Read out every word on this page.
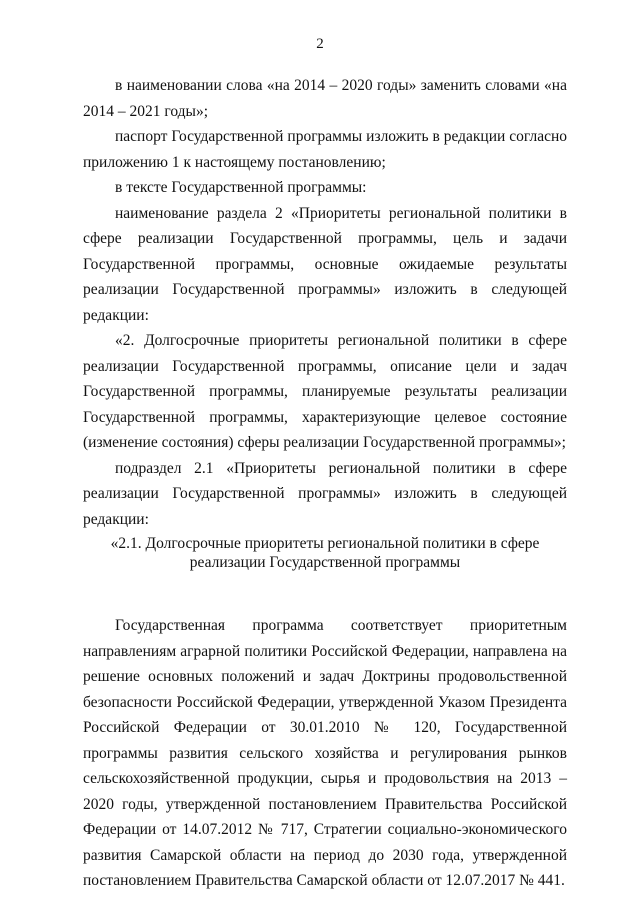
2

в наименовании слова «на 2014 – 2020 годы» заменить словами «на 2014 – 2021 годы»;

паспорт Государственной программы изложить в редакции согласно приложению 1 к настоящему постановлению;

в тексте Государственной программы:

наименование раздела 2 «Приоритеты региональной политики в сфере реализации Государственной программы, цель и задачи Государственной программы, основные ожидаемые результаты реализации Государственной программы» изложить в следующей редакции:

«2. Долгосрочные приоритеты региональной политики в сфере реализации Государственной программы, описание цели и задач Государственной программы, планируемые результаты реализации Государственной программы, характеризующие целевое состояние (изменение состояния) сферы реализации Государственной программы»;

подраздел 2.1 «Приоритеты региональной политики в сфере реализации Государственной программы» изложить в следующей редакции:

«2.1. Долгосрочные приоритеты региональной политики в сфере
реализации Государственной программы

Государственная программа соответствует приоритетным направлениям аграрной политики Российской Федерации, направлена на решение основных положений и задач Доктрины продовольственной безопасности Российской Федерации, утвержденной Указом Президента Российской Федерации от 30.01.2010 № 120, Государственной программы развития сельского хозяйства и регулирования рынков сельскохозяйственной продукции, сырья и продовольствия на 2013 – 2020 годы, утвержденной постановлением Правительства Российской Федерации от 14.07.2012 № 717, Стратегии социально-экономического развития Самарской области на период до 2030 года, утвержденной постановлением Правительства Самарской области от 12.07.2017 № 441.
